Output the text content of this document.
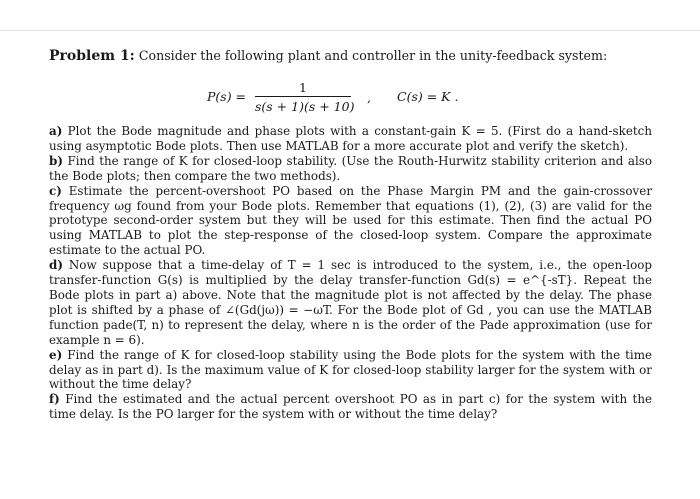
Problem 1: Consider the following plant and controller in the unity-feedback system:
P(s) =
1
s(s + 1)(s + 10)
, C(s) = K .

a) Plot the Bode magnitude and phase plots with a constant-gain K = 5. (First do a hand-sketch using asymptotic Bode plots. Then use MATLAB for a more accurate plot and verify the sketch).

b) Find the range of K for closed-loop stability. (Use the Routh-Hurwitz stability criterion and also the Bode plots; then compare the two methods).

c) Estimate the percent-overshoot PO based on the Phase Margin PM and the gain-crossover frequency ωg found from your Bode plots. Remember that equations (1), (2), (3) are valid for the prototype second-order system but they will be used for this estimate. Then find the actual PO using MATLAB to plot the step-response of the closed-loop system. Compare the approximate estimate to the actual PO.

d) Now suppose that a time-delay of T = 1 sec is introduced to the system, i.e., the open-loop transfer-function G(s) is multiplied by the delay transfer-function Gd(s) = e^{-sT}. Repeat the Bode plots in part a) above. Note that the magnitude plot is not affected by the delay. The phase plot is shifted by a phase of ∠(Gd(jω)) = −ωT. For the Bode plot of Gd , you can use the MATLAB function pade(T, n) to represent the delay, where n is the order of the Pade approximation (use for example n = 6).

e) Find the range of K for closed-loop stability using the Bode plots for the system with the time delay as in part d). Is the maximum value of K for closed-loop stability larger for the system with or without the time delay?

f) Find the estimated and the actual percent overshoot PO as in part c) for the system with the time delay. Is the PO larger for the system with or without the time delay?
